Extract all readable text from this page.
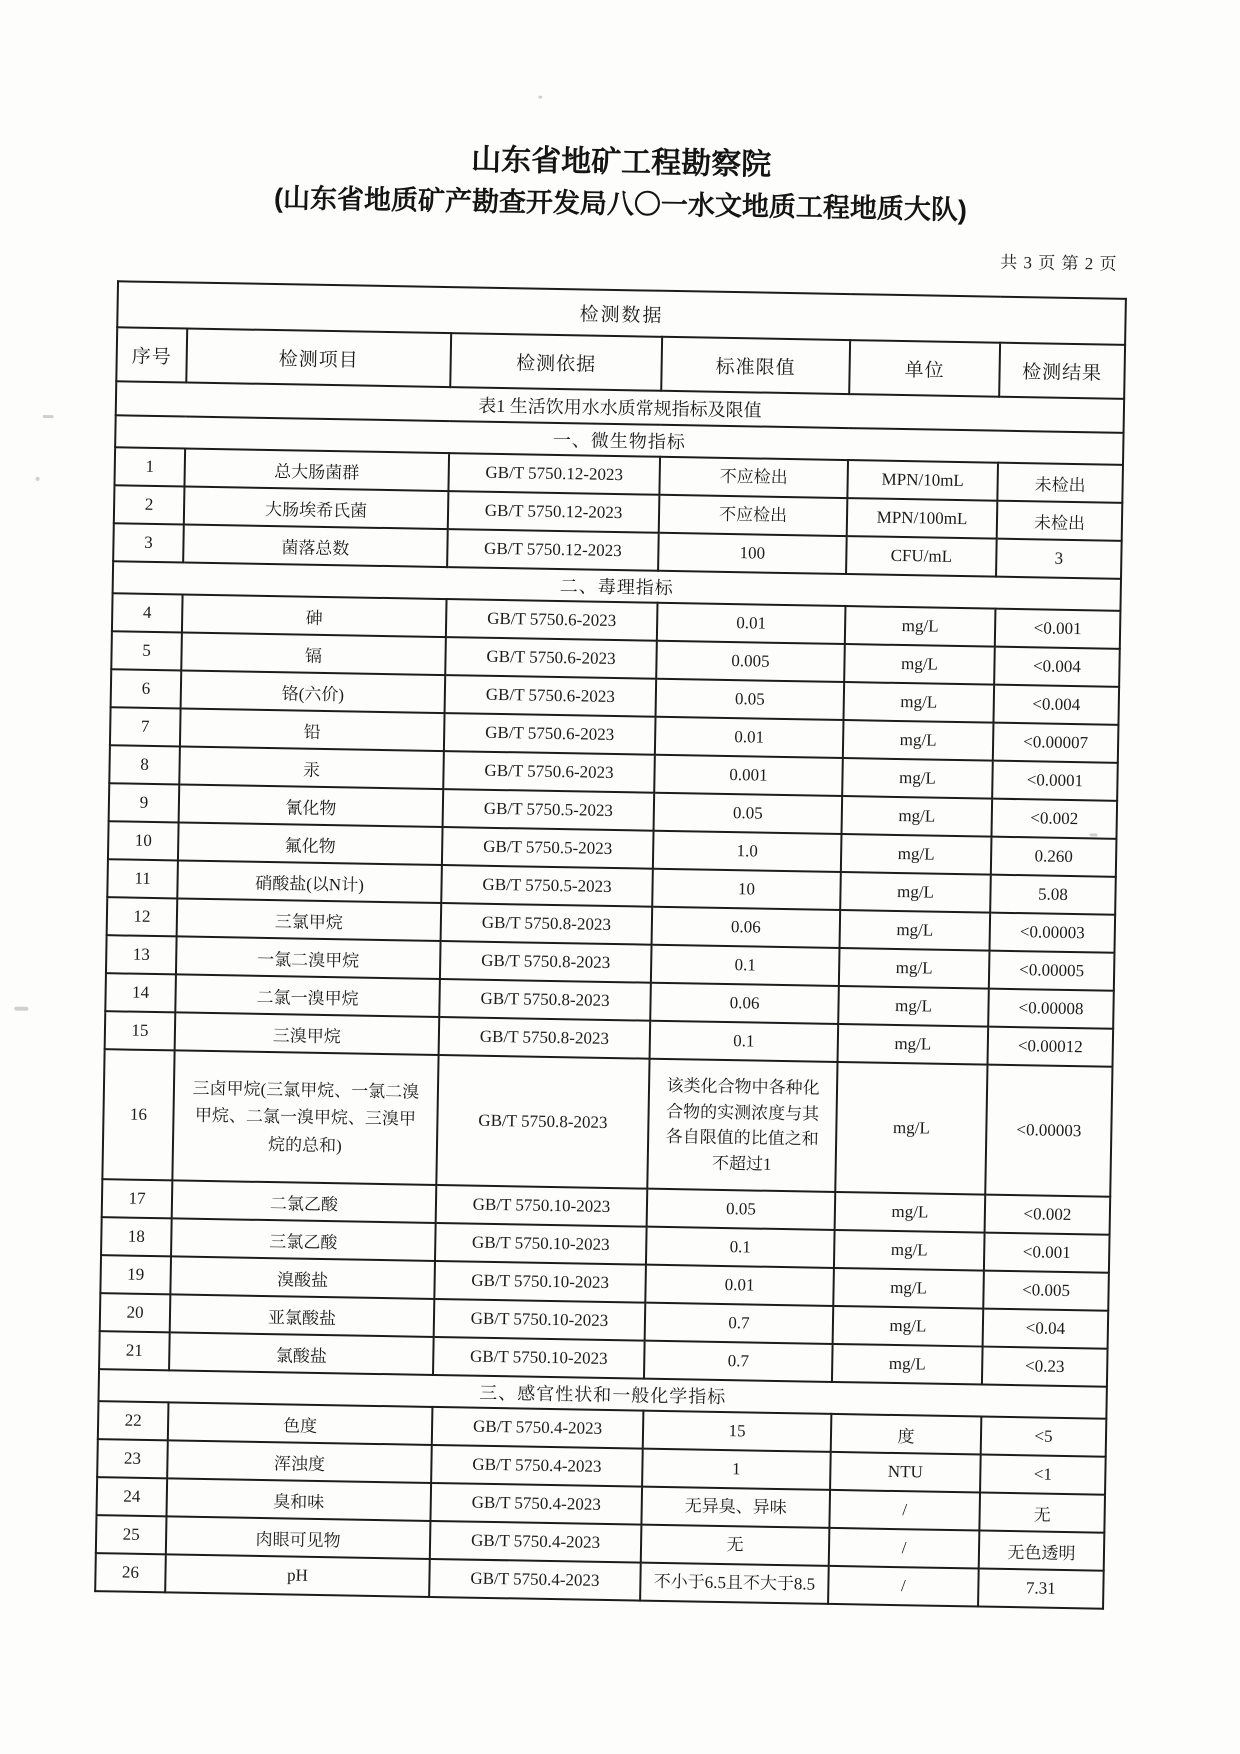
山东省地矿工程勘察院
(山东省地质矿产勘查开发局八〇一水文地质工程地质大队)
共 3 页 第 2 页
检测数据					
序号	检测项目	检测依据	标准限值	单位	检测结果
表1 生活饮用水水质常规指标及限值					
一、微生物指标					
1	总大肠菌群	GB/T 5750.12-2023	不应检出	MPN/10mL	未检出
2	大肠埃希氏菌	GB/T 5750.12-2023	不应检出	MPN/100mL	未检出
3	菌落总数	GB/T 5750.12-2023	100	CFU/mL	3
二、毒理指标					
4	砷	GB/T 5750.6-2023	0.01	mg/L	<0.001
5	镉	GB/T 5750.6-2023	0.005	mg/L	<0.004
6	铬(六价)	GB/T 5750.6-2023	0.05	mg/L	<0.004
7	铅	GB/T 5750.6-2023	0.01	mg/L	<0.00007
8	汞	GB/T 5750.6-2023	0.001	mg/L	<0.0001
9	氰化物	GB/T 5750.5-2023	0.05	mg/L	<0.002
10	氟化物	GB/T 5750.5-2023	1.0	mg/L	0.260
11	硝酸盐(以N计)	GB/T 5750.5-2023	10	mg/L	5.08
12	三氯甲烷	GB/T 5750.8-2023	0.06	mg/L	<0.00003
13	一氯二溴甲烷	GB/T 5750.8-2023	0.1	mg/L	<0.00005
14	二氯一溴甲烷	GB/T 5750.8-2023	0.06	mg/L	<0.00008
15	三溴甲烷	GB/T 5750.8-2023	0.1	mg/L	<0.00012
16	三卤甲烷(三氯甲烷、一氯二溴甲烷、二氯一溴甲烷、三溴甲烷的总和)	GB/T 5750.8-2023	该类化合物中各种化合物的实测浓度与其各自限值的比值之和不超过1	mg/L	<0.00003
17	二氯乙酸	GB/T 5750.10-2023	0.05	mg/L	<0.002
18	三氯乙酸	GB/T 5750.10-2023	0.1	mg/L	<0.001
19	溴酸盐	GB/T 5750.10-2023	0.01	mg/L	<0.005
20	亚氯酸盐	GB/T 5750.10-2023	0.7	mg/L	<0.04
21	氯酸盐	GB/T 5750.10-2023	0.7	mg/L	<0.23
三、感官性状和一般化学指标					
22	色度	GB/T 5750.4-2023	15	度	<5
23	浑浊度	GB/T 5750.4-2023	1	NTU	<1
24	臭和味	GB/T 5750.4-2023	无异臭、异味	/	无
25	肉眼可见物	GB/T 5750.4-2023	无	/	无色透明
26	pH	GB/T 5750.4-2023	不小于6.5且不大于8.5	/	7.31
